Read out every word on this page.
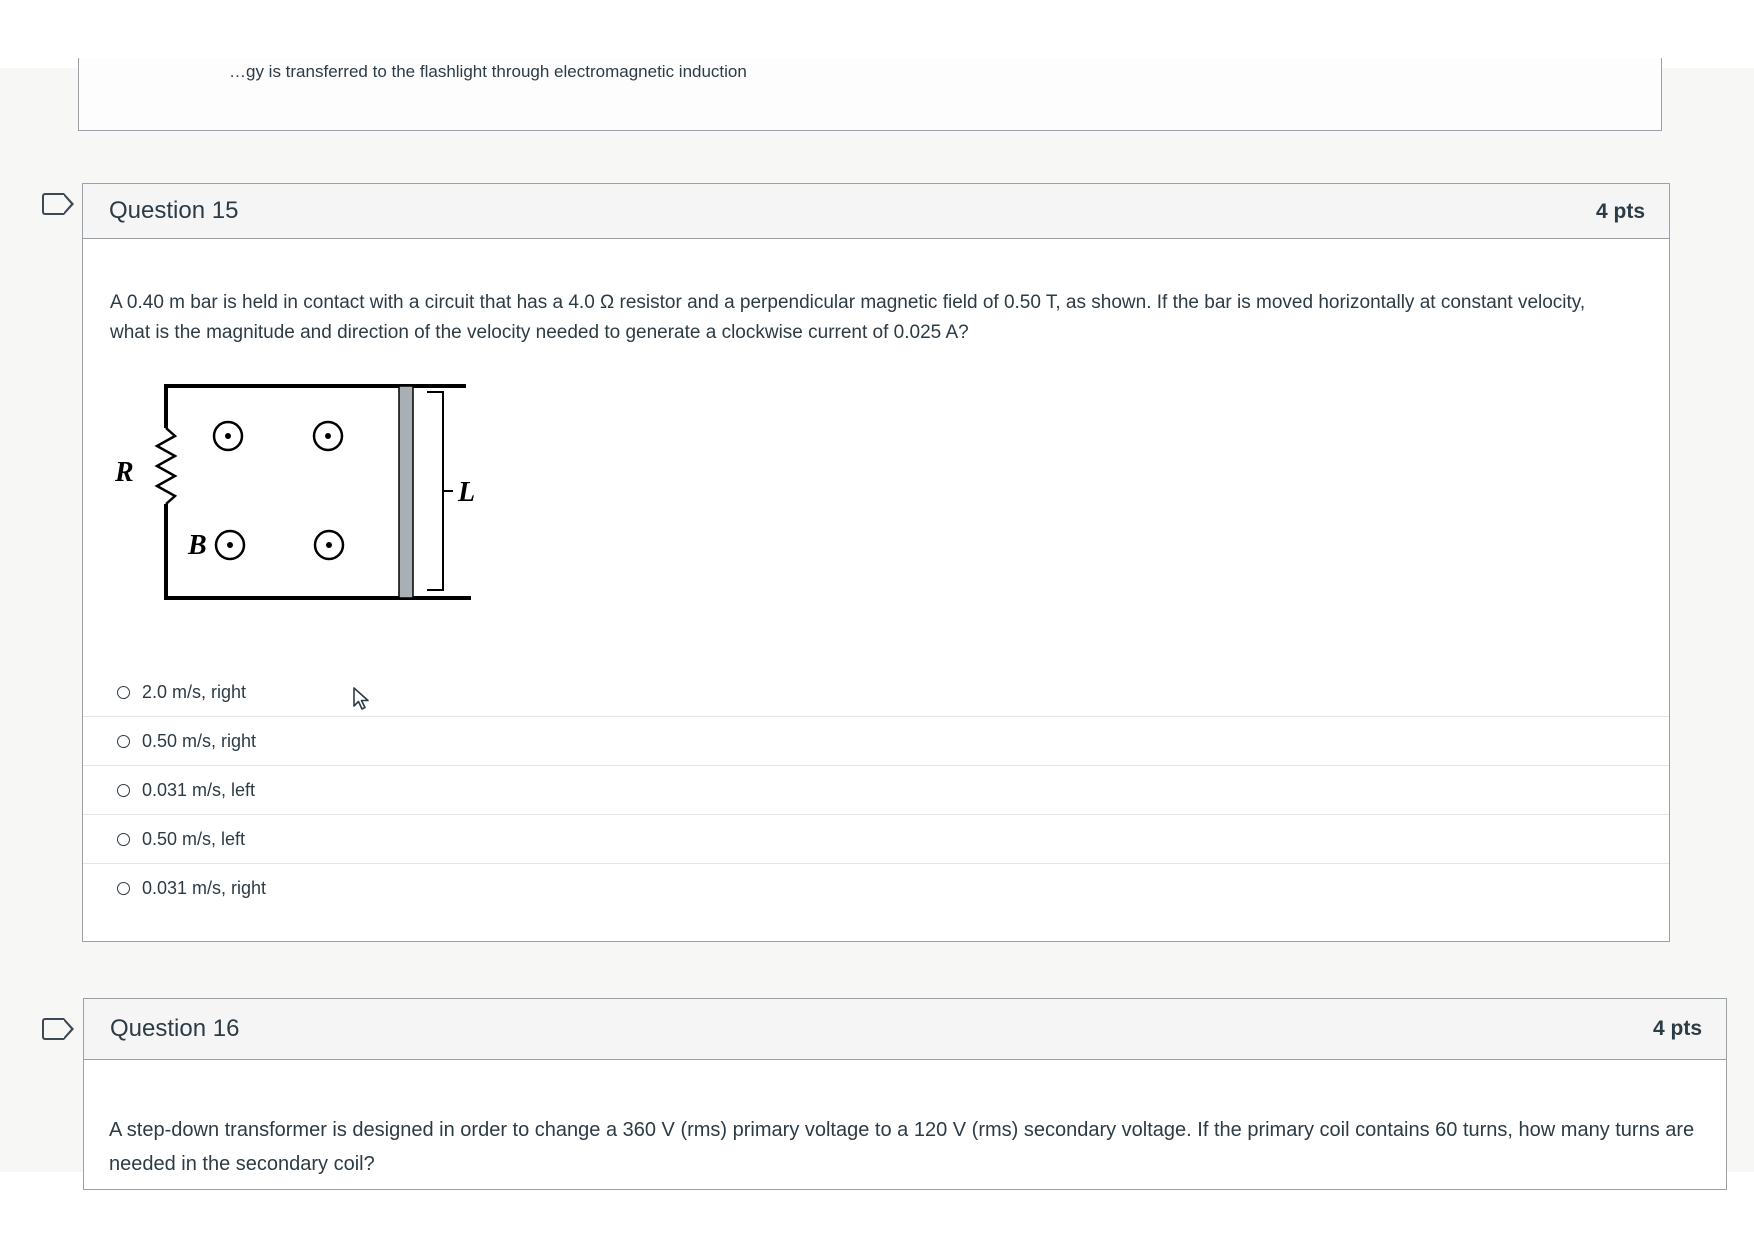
…gy is transferred to the flashlight through electromagnetic induction
Question 15	4 pts
A 0.40 m bar is held in contact with a circuit that has a 4.0 Ω resistor and a perpendicular magnetic field of 0.50 T, as shown. If the bar is moved horizontally at constant velocity, what is the magnitude and direction of the velocity needed to generate a clockwise current of 0.025 A?
R
B
L
2.0 m/s, right
0.50 m/s, right
0.031 m/s, left
0.50 m/s, left
0.031 m/s, right
Question 16	4 pts
A step-down transformer is designed in order to change a 360 V (rms) primary voltage to a 120 V (rms) secondary voltage. If the primary coil contains 60 turns, how many turns are needed in the secondary coil?
